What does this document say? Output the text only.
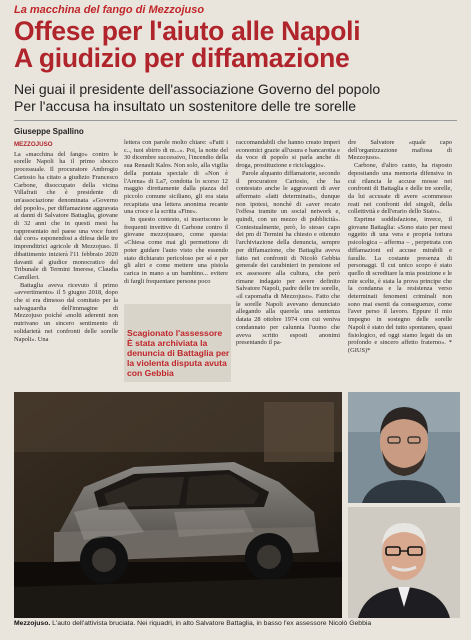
La macchina del fango di Mezzojuso
Offese per l'aiuto alle Napoli
A giudizio per diffamazione
Nei guai il presidente dell'associazione Governo del popolo
Per l'accusa ha insultato un sostenitore delle tre sorelle
Giuseppe Spallino
MEZZOJUSO

La «macchina del fango» contro le sorelle Napoli ha il primo sbocco processuale. Il procuratore Ambrogio Cartosio ha citato a giudizio Francesco Carbone, disoccupato della vicina Villafrati che è presidente di un'associazione denominata «Governo del popolo», per diffamazione aggravata ai danni di Salvatore Battaglia, giovane di 32 anni che in questi mesi ha rappresentato nel paese una voce fuori dal coro» esponendosi a difesa delle tre imprenditrici agricole di Mezzojuso. Il dibattimento inizierà l'11 febbraio 2020 davanti al giudice monocratico del Tribunale di Termini Imerese, Claudia Camilleri.

Battaglia aveva ricevuto il primo «avvertimento» il 5 giugno 2018, dopo che si era dimesso dal comitato per la salvaguardia dell'immagine di Mezzojuso poiché «molti aderenti non nutrivano un sincero sentimento di solidarietà nei confronti delle sorelle Napoli». Una

lettera con parole molto chiare: «Fatti i c.., tuoi sbirro di m...». Poi, la notte del 30 dicembre successivo, l'incendio della sua Renault Kalos. Non solo, alla vigilia della puntata speciale di «Non è l'Arena» di La7, condotta lo scorso 12 maggio direttamente dalla piazza del piccolo comune siciliano, gli era stata recapitata una lettera anonima recante una croce e la scritta «Fine».

In questo contesto, si inseriscono le frequenti invettive di Carbone contro il giovane mezzojusaro, come questa: «Chiesa come mai gli permettono di poter guidare l'auto visto che essendo stato dichiarato pericoloso per sé e per gli altri e come mettere una pistola carica in mano a un bambino... evitere di fargli frequentare persone poco

Scagionato l'assessore È stata archiviata la denuncia di Battaglia per la violenta disputa avuta con Gebbia

raccomandabili che hanno creato imperi economici grazie all'usura e bancarotta e da voce di popolo si parla anche di droga, prostituzione e riciclaggio».

Parole alquanto diffamatorie, secondo il procuratore Cartosio, che ha contestato anche le aggravanti di aver affermato «fatti determinati», dunque non ipotesi, nonché di «aver recato l'offesa tramite un social network e, quindi, con un mezzo di pubblicità». Contestualmente, però, lo stesso capo dei pm di Termini ha chiesto e ottenuto l'archiviazione della denuncia, sempre per diffamazione, che Battaglia aveva fatto nei confronti di Nicolò Gebbia generale dei carabinieri in pensione ed ex assessore alla cultura, che però rimane indagato per avere definito Salvatore Napoli, padre delle tre sorelle, «il capomafia di Mezzojuso». Fatto che le sorelle Napoli avevano denunciato allegando alla querela una sentenza datata 28 ottobre 1974 con cui veniva condannato per calunnia l'uomo che aveva scritto esposti anonimi presentando il pa-

dre Salvatore «quale capo dell'organizzazione mafiosa di Mezzojuso».

Carbone, d'altro canto, ha risposto depositando una memoria difensiva in cui rilancia le accuse mosse nei confronti di Battaglia e delle tre sorelle, da lui accusate di avere «commesso reati nei confronti del singoli, della collettività e dell'erario dello Stato».

Esprime soddisfazione, invece, il giovane Battaglia: «Sono stato per mesi oggetto di una vera e propria tortura psicologica – afferma – , perpetrata con diffamazioni ed accuse mirabili e fasulle. La costante presenza di personaggi. Il cui unico scopo è stato quello di screditare la mia posizione e le mie scelte, è stata la prova principe che la condanna e la resistenza verso determinati fenomeni criminali non sono mai esenti da conseguenze, come l'aver perso il lavoro. Eppure il mio impegno in sostegno delle sorelle Napoli è stato del tutto spontaneo, quasi fisiologico, ed oggi siamo legati da un profondo e sincero affetto fraterno». *(GIUS)*

Mezzojuso. L'auto dell'attivista bruciata. Nei riquadri, in alto Salvatore Battaglia, in basso l'ex assessore Nicolò Gebbia
